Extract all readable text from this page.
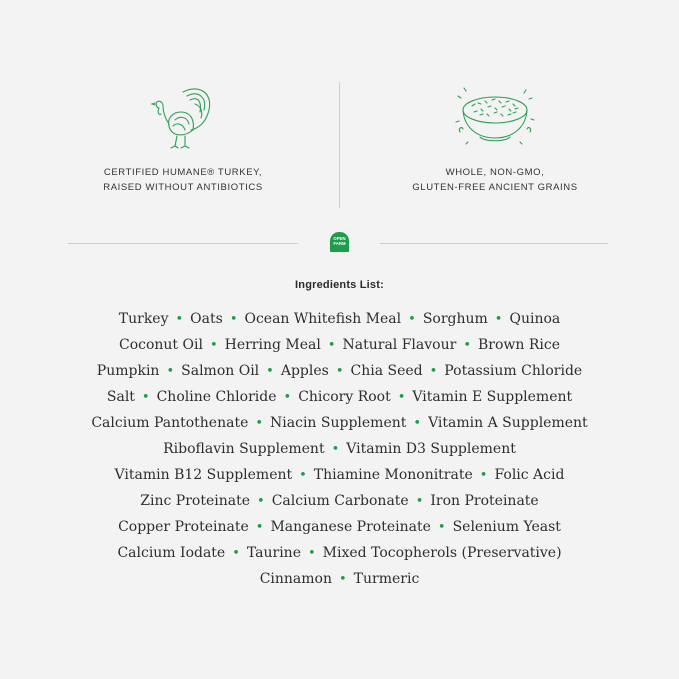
CERTIFIED HUMANE® TURKEY,
RAISED WITHOUT ANTIBIOTICS
WHOLE, NON-GMO,
GLUTEN-FREE ANCIENT GRAINS
OPEN
FARM
Ingredients List:
Turkey • Oats • Ocean Whitefish Meal • Sorghum • Quinoa
Coconut Oil • Herring Meal • Natural Flavour • Brown Rice
Pumpkin • Salmon Oil • Apples • Chia Seed • Potassium Chloride
Salt • Choline Chloride • Chicory Root • Vitamin E Supplement
Calcium Pantothenate • Niacin Supplement • Vitamin A Supplement
Riboflavin Supplement • Vitamin D3 Supplement
Vitamin B12 Supplement • Thiamine Mononitrate • Folic Acid
Zinc Proteinate • Calcium Carbonate • Iron Proteinate
Copper Proteinate • Manganese Proteinate • Selenium Yeast
Calcium Iodate • Taurine • Mixed Tocopherols (Preservative)
Cinnamon • Turmeric
